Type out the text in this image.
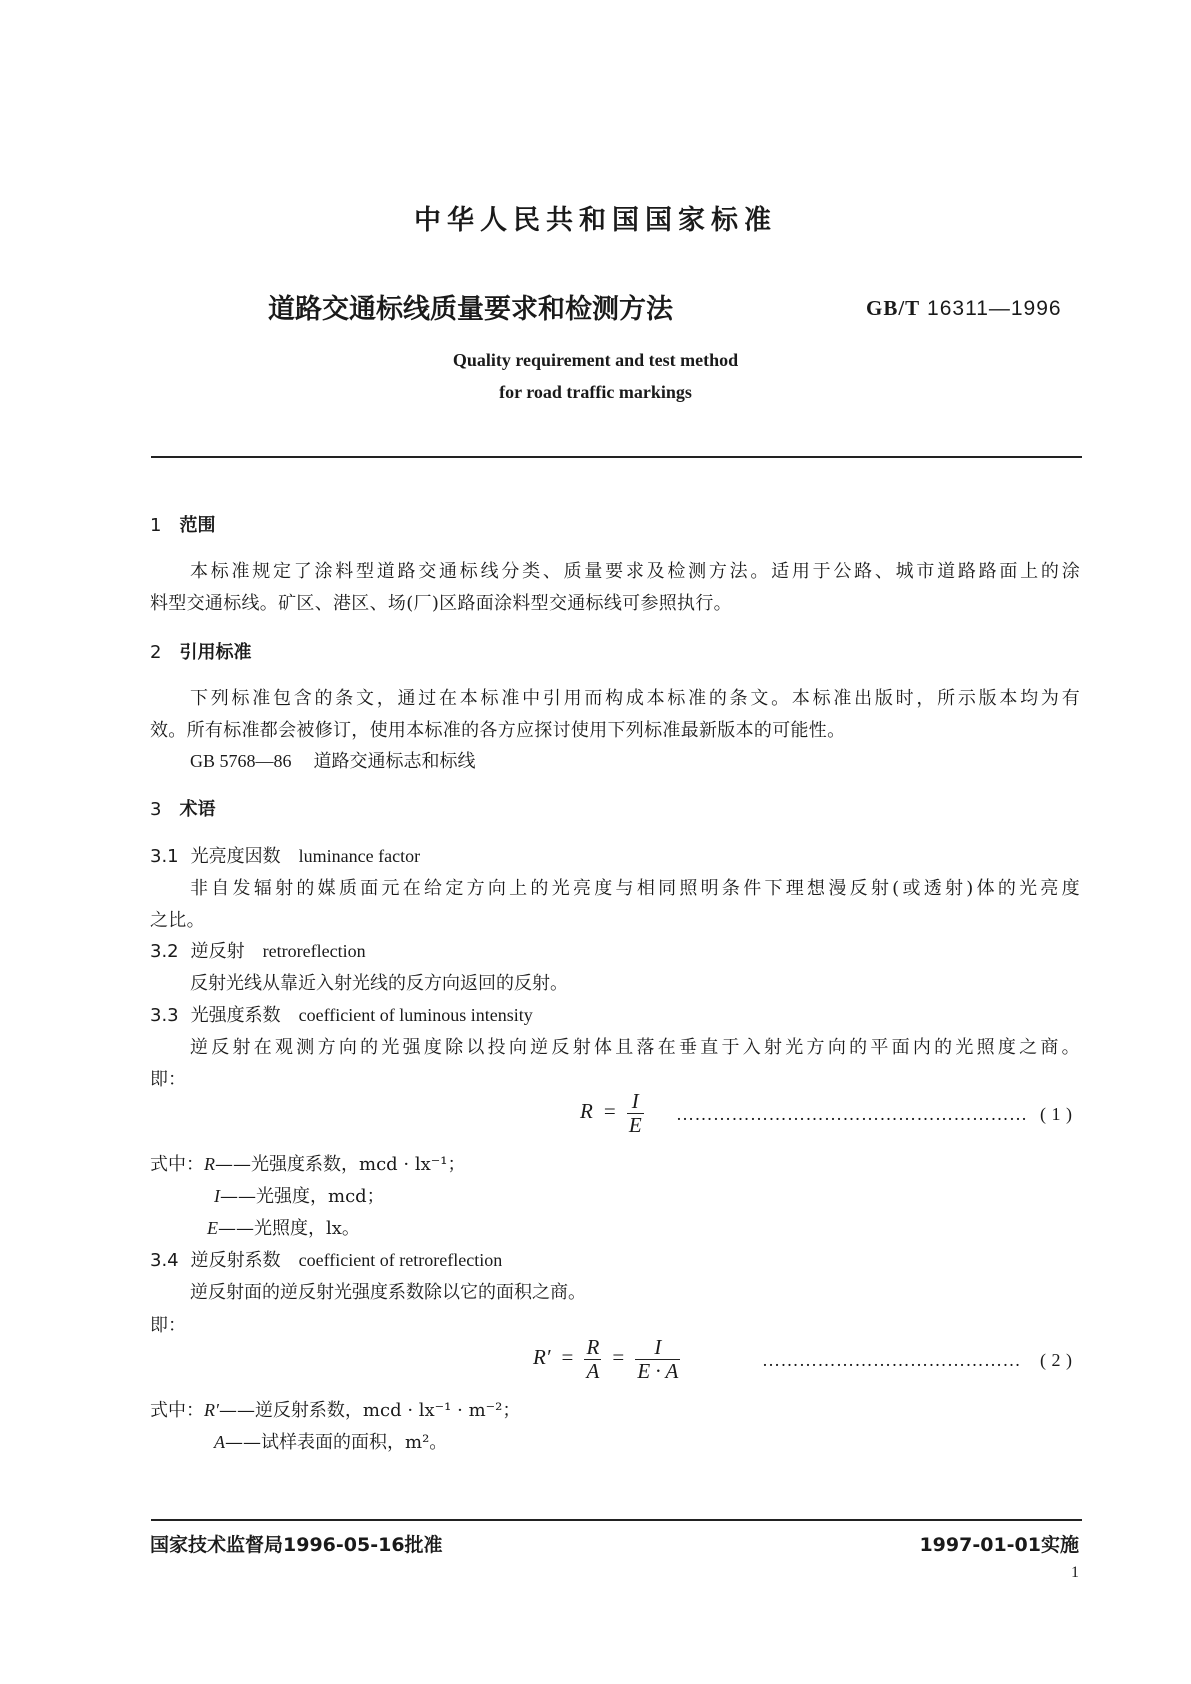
中华人民共和国国家标准
道路交通标线质量要求和检测方法	GB/T 16311—1996
Quality requirement and test method
for road traffic markings
1 范围
本标准规定了涂料型道路交通标线分类、质量要求及检测方法。适用于公路、城市道路路面上的涂
料型交通标线。矿区、港区、场(厂)区路面涂料型交通标线可参照执行。
2 引用标准
下列标准包含的条文，通过在本标准中引用而构成本标准的条文。本标准出版时，所示版本均为有
效。所有标准都会被修订，使用本标准的各方应探讨使用下列标准最新版本的可能性。
GB 5768—86 道路交通标志和标线
3 术语
3.1 光亮度因数 luminance factor
非自发辐射的媒质面元在给定方向上的光亮度与相同照明条件下理想漫反射(或透射)体的光亮度
之比。
3.2 逆反射 retroreflection
反射光线从靠近入射光线的反方向返回的反射。
3.3 光强度系数 coefficient of luminous intensity
逆反射在观测方向的光强度除以投向逆反射体且落在垂直于入射光方向的平面内的光照度之商。
即：
$R = \frac{I}{E}$ ………………………………………………… ( 1 )
式中：R——光强度系数，mcd · lx⁻¹；
I——光强度，mcd；
E——光照度，lx。
3.4 逆反射系数 coefficient of retroreflection
逆反射面的逆反射光强度系数除以它的面积之商。
即：
$R' = \frac{R}{A} = \frac{I}{E \cdot A}$	…………………………………… ( 2 )
式中：R′——逆反射系数，mcd · lx⁻¹ · m⁻²；
A——试样表面的面积，m²。
国家技术监督局1996-05-16批准	1997-01-01实施
1
